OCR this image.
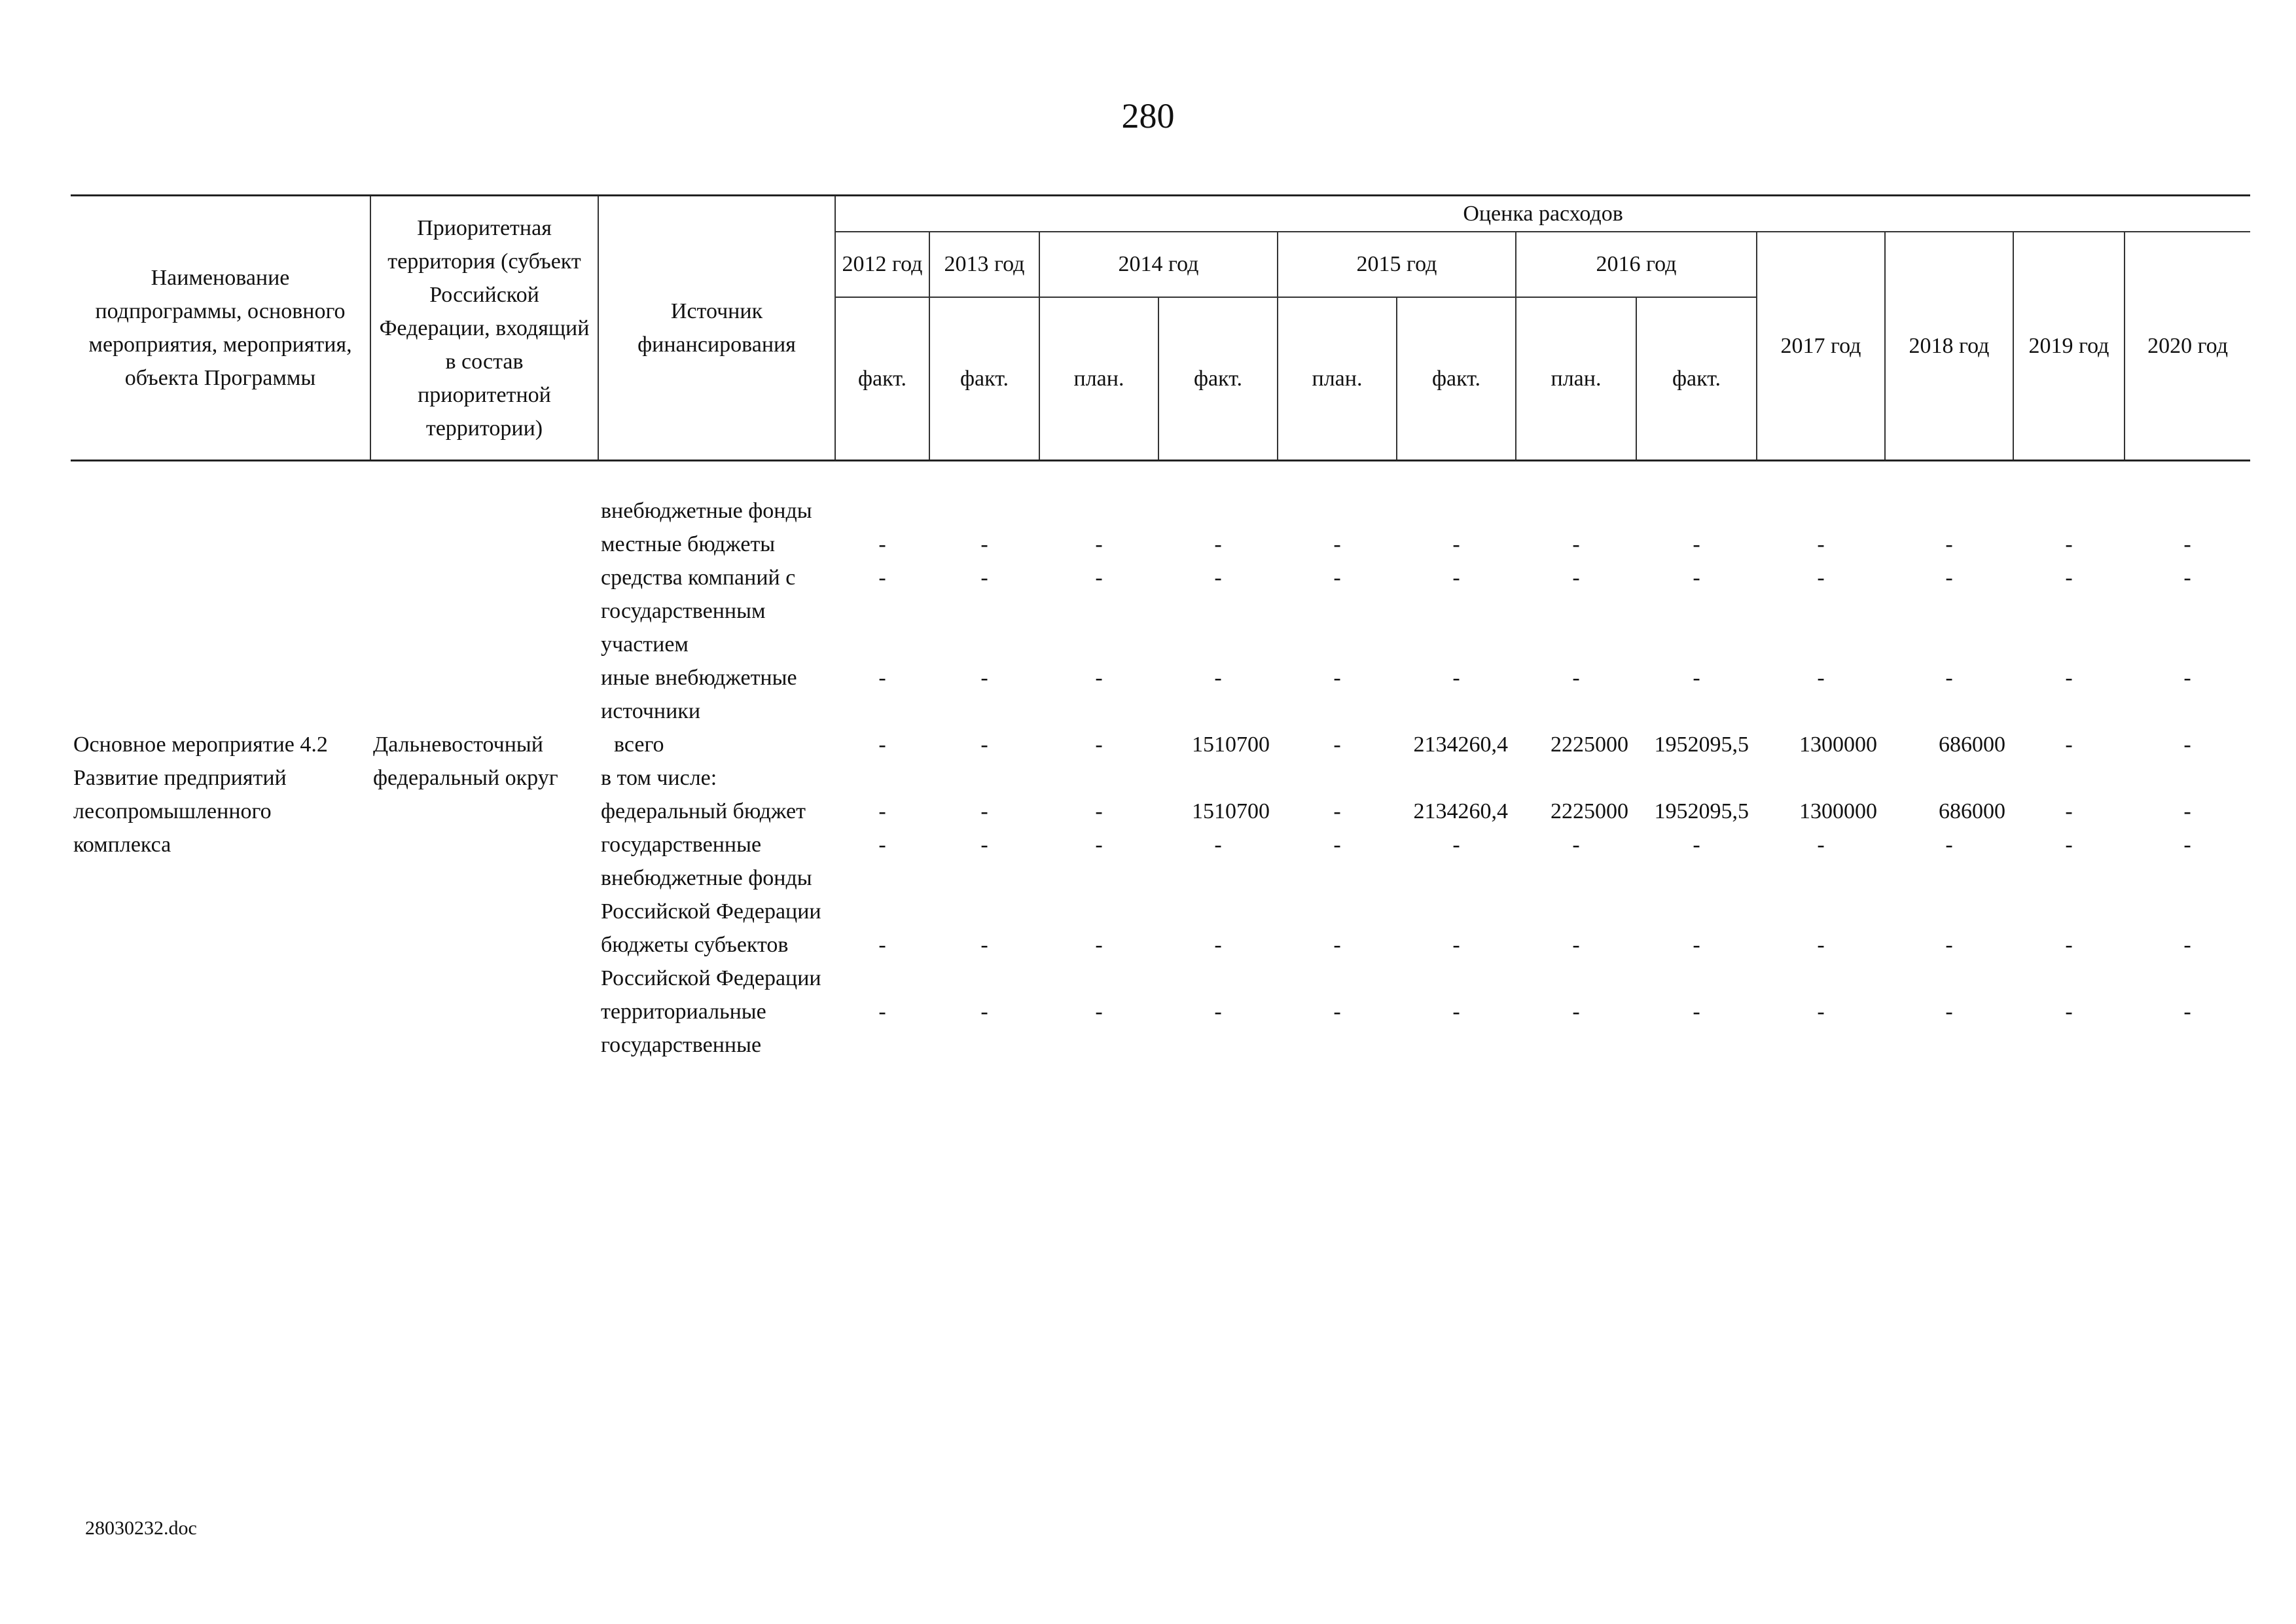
280
Наименование подпрограммы, основного мероприятия, мероприятия, объекта Программы	Приоритетная территория (субъект Российской Федерации, входящий в состав приоритетной территории)	Источник финансирования	Оценка расходов											
			2012 год	2013 год	2014 год		2015 год		2016 год		2017 год	2018 год	2019 год	2020 год
			факт.	факт.	план.	факт.	план.	факт.	план.	факт.				

		внебюджетные фонды												
		местные бюджеты	-	-	-	-	-	-	-	-	-	-	-	-
		средства компаний с государственным участием	-	-	-	-	-	-	-	-	-	-	-	-
		иные внебюджетные источники	-	-	-	-	-	-	-	-	-	-	-	-
Основное мероприятие 4.2 Развитие предприятий лесопромышленного комплекса	Дальневосточный федеральный округ	всего	-	-	-	1510700	-	2134260,4	2225000	1952095,5	1300000	686000	-	-
		в том числе:												
		федеральный бюджет	-	-	-	1510700	-	2134260,4	2225000	1952095,5	1300000	686000	-	-
		государственные внебюджетные фонды Российской Федерации	-	-	-	-	-	-	-	-	-	-	-	-
		бюджеты субъектов Российской Федерации	-	-	-	-	-	-	-	-	-	-	-	-
		территориальные государственные	-	-	-	-	-	-	-	-	-	-	-	-
28030232.doc
